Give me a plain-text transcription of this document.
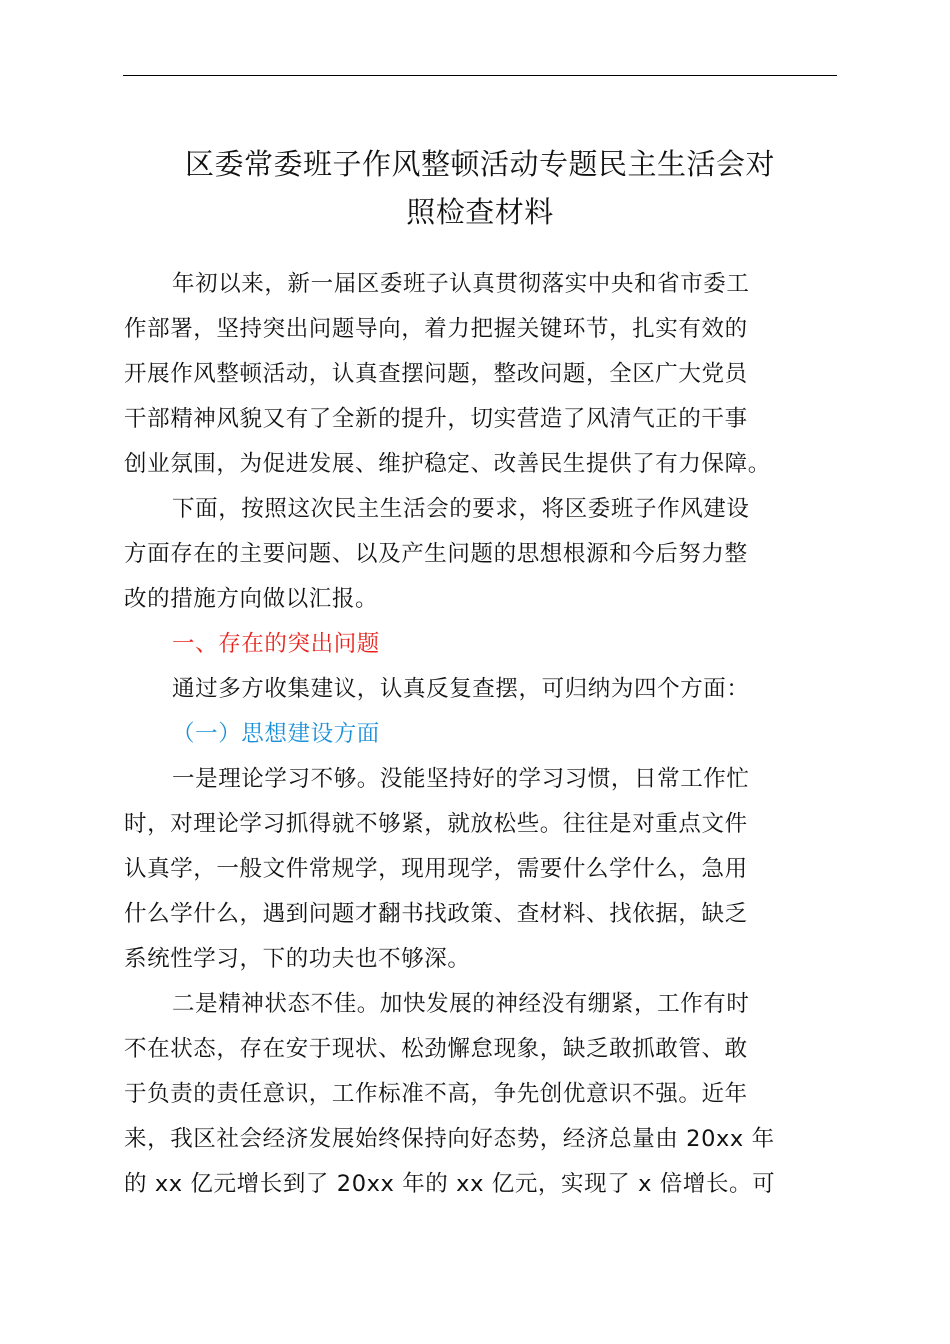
区委常委班子作风整顿活动专题民主生活会对
照检查材料

年初以来，新一届区委班子认真贯彻落实中央和省市委工
作部署，坚持突出问题导向，着力把握关键环节，扎实有效的
开展作风整顿活动，认真查摆问题，整改问题，全区广大党员
干部精神风貌又有了全新的提升，切实营造了风清气正的干事
创业氛围，为促进发展、维护稳定、改善民生提供了有力保障。

下面，按照这次民主生活会的要求，将区委班子作风建设
方面存在的主要问题、以及产生问题的思想根源和今后努力整
改的措施方向做以汇报。

一、存在的突出问题

通过多方收集建议，认真反复查摆，可归纳为四个方面：

（一）思想建设方面

一是理论学习不够。没能坚持好的学习习惯，日常工作忙
时，对理论学习抓得就不够紧，就放松些。往往是对重点文件
认真学，一般文件常规学，现用现学，需要什么学什么，急用
什么学什么，遇到问题才翻书找政策、查材料、找依据，缺乏
系统性学习，下的功夫也不够深。

二是精神状态不佳。加快发展的神经没有绷紧，工作有时
不在状态，存在安于现状、松劲懈怠现象，缺乏敢抓敢管、敢
于负责的责任意识，工作标准不高，争先创优意识不强。近年
来，我区社会经济发展始终保持向好态势，经济总量由 20xx 年
的 xx 亿元增长到了 20xx 年的 xx 亿元，实现了 x 倍增长。可
